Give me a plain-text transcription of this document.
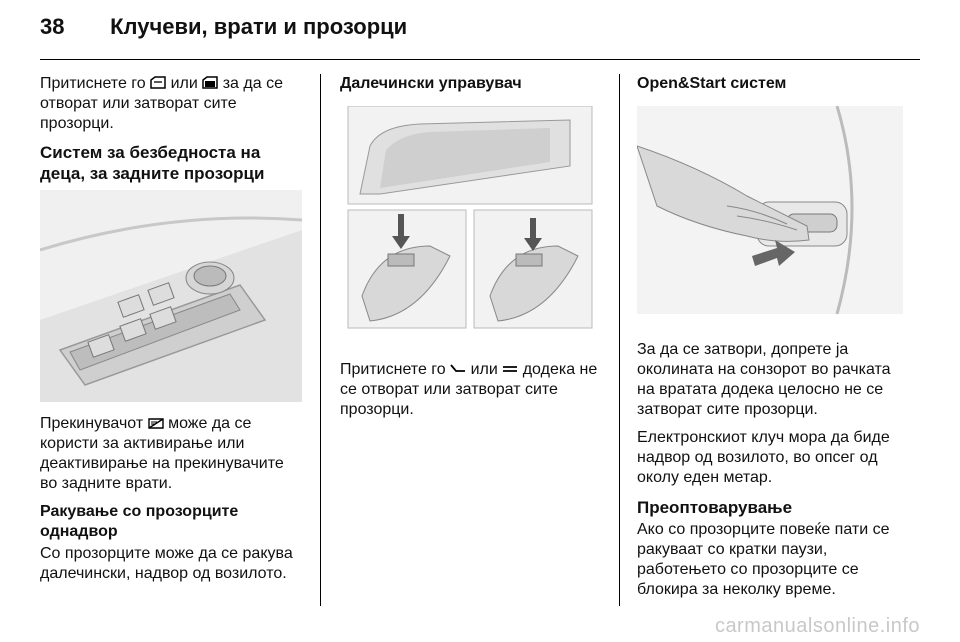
38 Клучеви, врати и прозорци

Притиснете го или за да се отворат или затворат сите прозорци.

Систем за безбедноста на деца, за задните прозорци

Прекинувачот може да се користи за активирање или деактивирање на прекинувачите во задните врати.

Ракување со прозорците однадвор

Со прозорците може да се ракува далечински, надвор од возилото.

Далечински управувач

Притиснете го или додека не се отворат или затворат сите прозорци.

Open&Start систем

За да се затвори, допрете ја околината на сонзорот во рачката на вратата додека целосно не се затворат сите прозорци.

Електронскиот клуч мора да биде надвор од возилото, во опсег од околу еден метар.

Преоптоварување

Ако со прозорците повеќе пати се ракуваат со кратки паузи, работењето со прозорците се блокира за неколку време.

carmanualsonline.info
